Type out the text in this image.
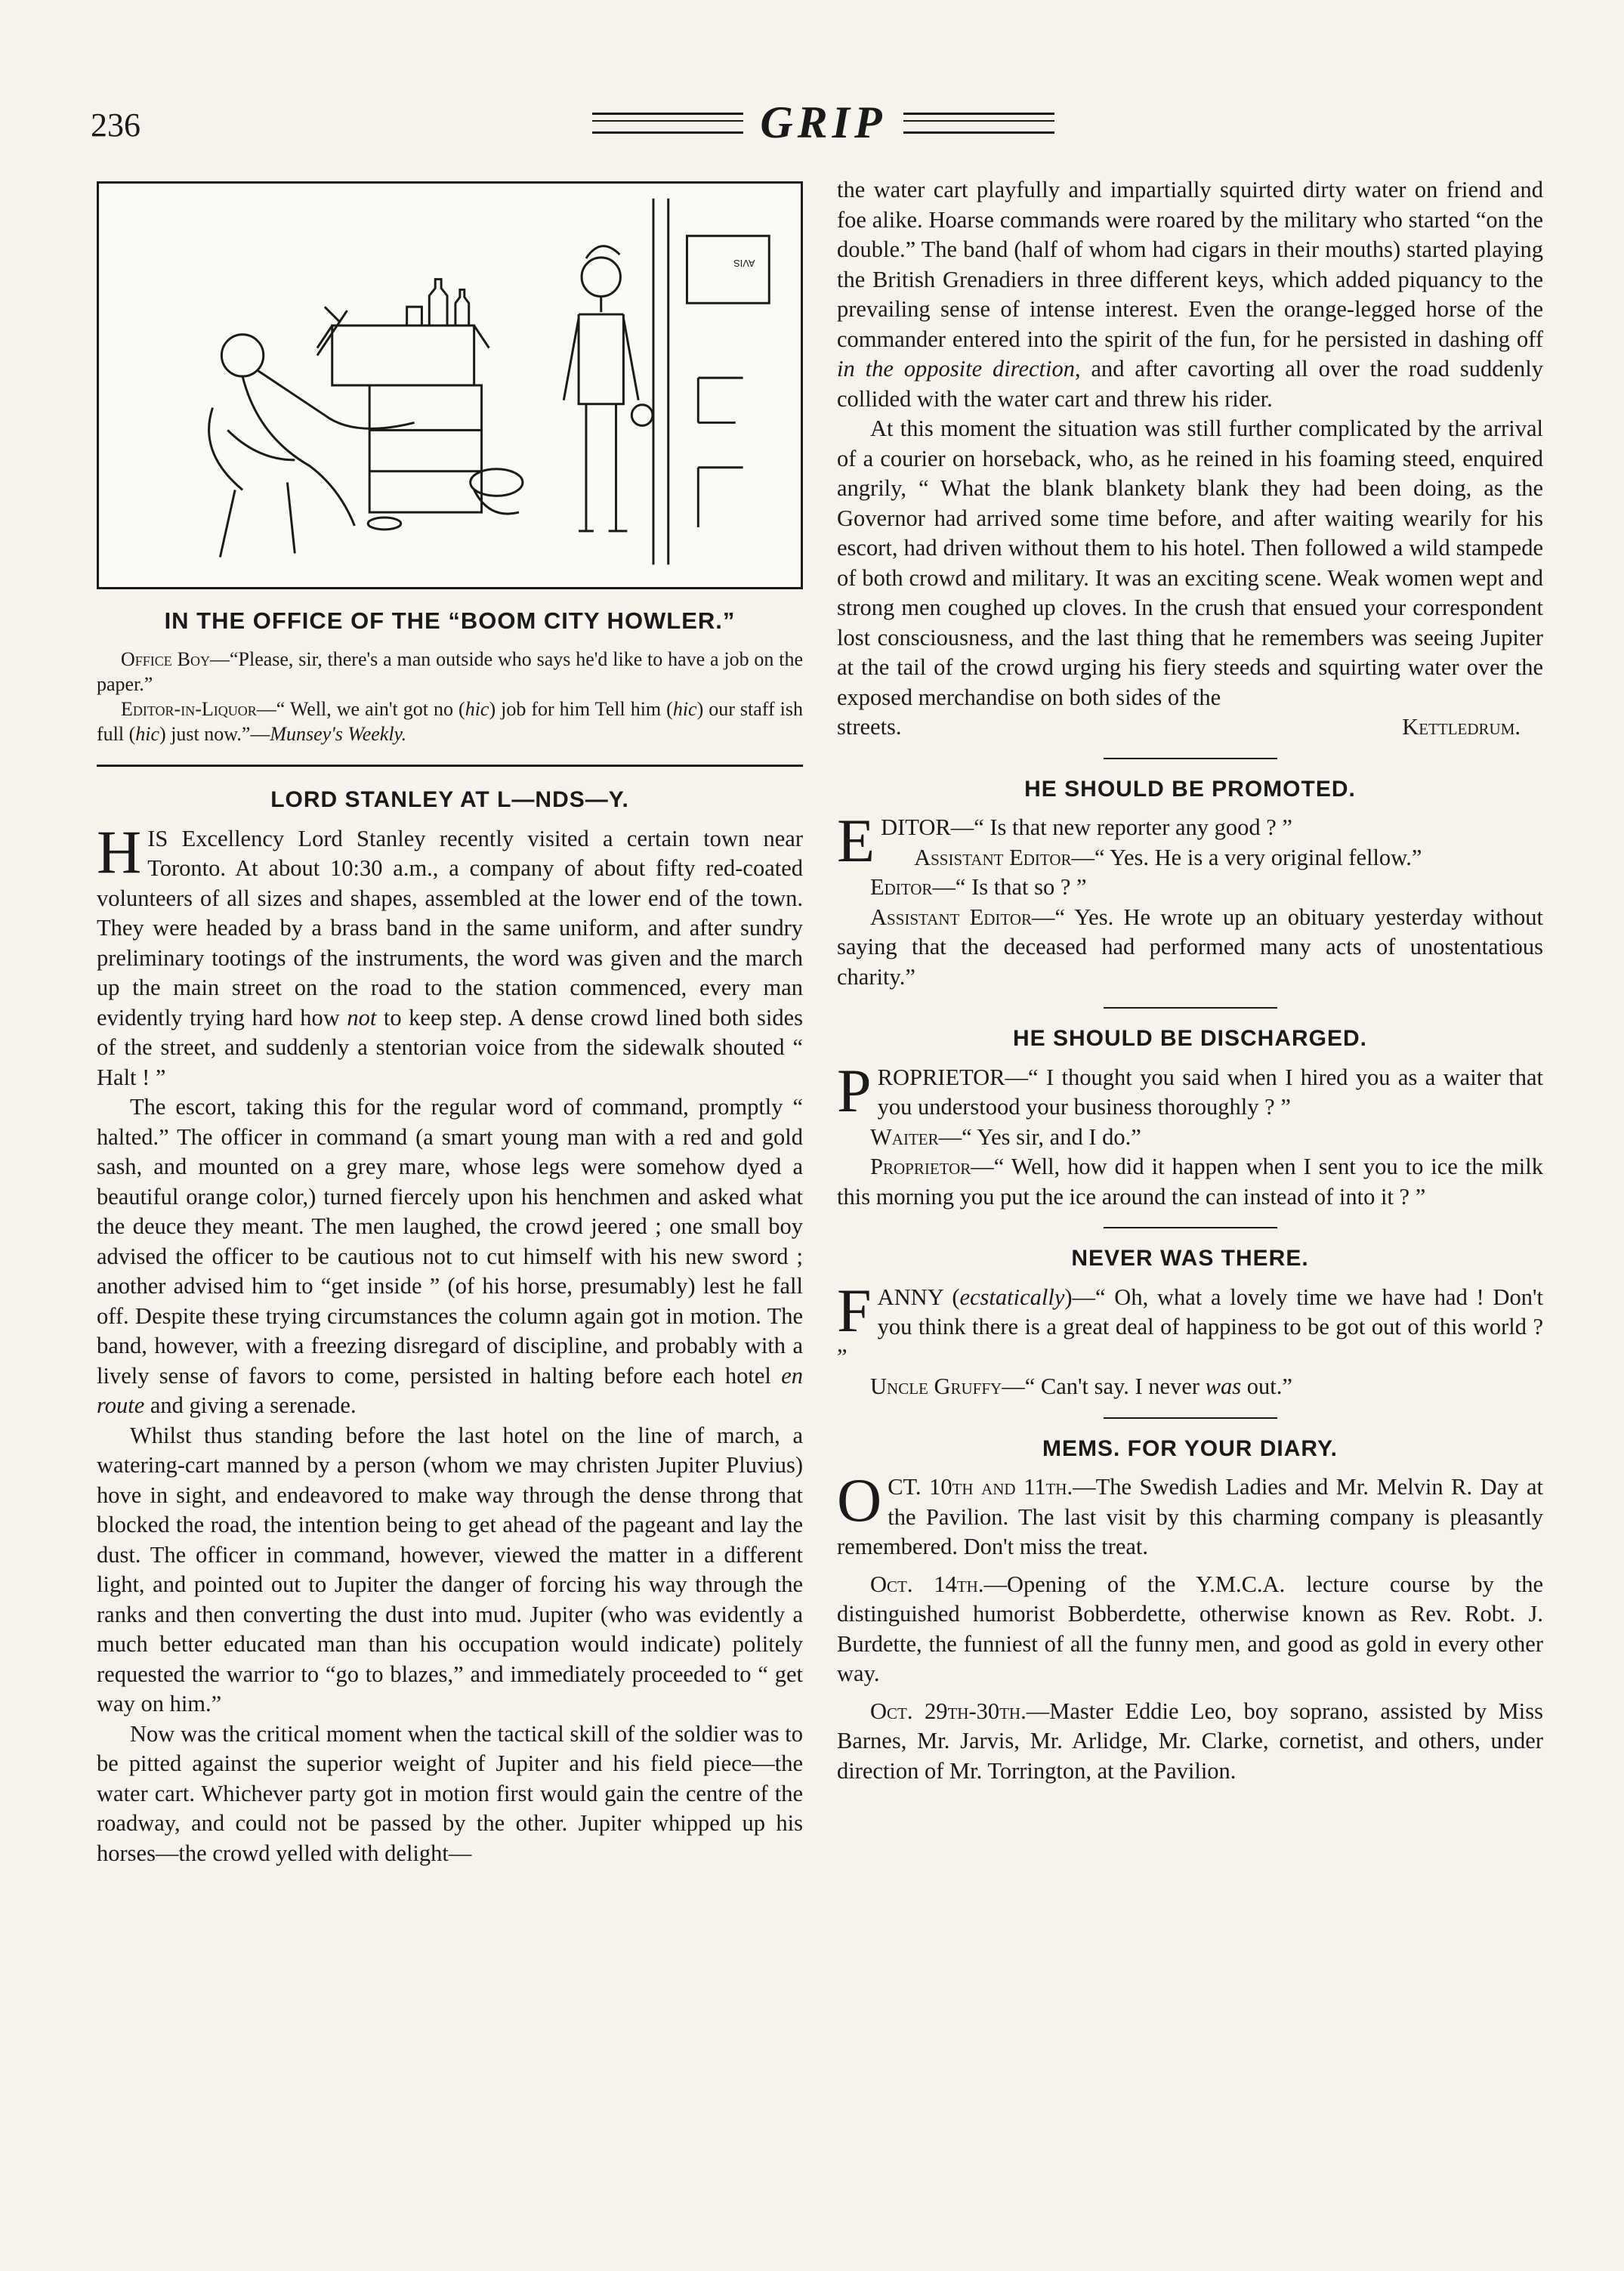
236	GRIP
AVIS
IN THE OFFICE OF THE “BOOM CITY HOWLER.”

Office Boy—“Please, sir, there's a man outside who says he'd like to have a job on the paper.”

Editor-in-Liquor—“ Well, we ain't got no (hic) job for him Tell him (hic) our staff ish full (hic) just now.”—Munsey's Weekly.

LORD STANLEY AT L—NDS—Y.

HIS Excellency Lord Stanley recently visited a certain town near Toronto. At about 10:30 a.m., a company of about fifty red-coated volunteers of all sizes and shapes, assembled at the lower end of the town. They were headed by a brass band in the same uniform, and after sundry preliminary tootings of the instruments, the word was given and the march up the main street on the road to the station commenced, every man evidently trying hard how not to keep step. A dense crowd lined both sides of the street, and suddenly a stentorian voice from the sidewalk shouted “ Halt ! ”

The escort, taking this for the regular word of command, promptly “ halted.” The officer in command (a smart young man with a red and gold sash, and mounted on a grey mare, whose legs were somehow dyed a beautiful orange color,) turned fiercely upon his henchmen and asked what the deuce they meant. The men laughed, the crowd jeered ; one small boy advised the officer to be cautious not to cut himself with his new sword ; another advised him to “get inside ” (of his horse, presumably) lest he fall off. Despite these trying circumstances the column again got in motion. The band, however, with a freezing disregard of discipline, and probably with a lively sense of favors to come, persisted in halting before each hotel en route and giving a serenade.

Whilst thus standing before the last hotel on the line of march, a watering-cart manned by a person (whom we may christen Jupiter Pluvius) hove in sight, and endeavored to make way through the dense throng that blocked the road, the intention being to get ahead of the pageant and lay the dust. The officer in command, however, viewed the matter in a different light, and pointed out to Jupiter the danger of forcing his way through the ranks and then converting the dust into mud. Jupiter (who was evidently a much better educated man than his occupation would indicate) politely requested the warrior to “go to blazes,” and immediately proceeded to “ get way on him.”

Now was the critical moment when the tactical skill of the soldier was to be pitted against the superior weight of Jupiter and his field piece—the water cart. Whichever party got in motion first would gain the centre of the roadway, and could not be passed by the other. Jupiter whipped up his horses—the crowd yelled with delight—

the water cart playfully and impartially squirted dirty water on friend and foe alike. Hoarse commands were roared by the military who started “on the double.” The band (half of whom had cigars in their mouths) started playing the British Grenadiers in three different keys, which added piquancy to the prevailing sense of intense interest. Even the orange-legged horse of the commander entered into the spirit of the fun, for he persisted in dashing off in the opposite direction, and after cavorting all over the road suddenly collided with the water cart and threw his rider.

At this moment the situation was still further complicated by the arrival of a courier on horseback, who, as he reined in his foaming steed, enquired angrily, “ What the blank blankety blank they had been doing, as the Governor had arrived some time before, and after waiting wearily for his escort, had driven without them to his hotel. Then followed a wild stampede of both crowd and military. It was an exciting scene. Weak women wept and strong men coughed up cloves. In the crush that ensued your correspondent lost consciousness, and the last thing that he remembers was seeing Jupiter at the tail of the crowd urging his fiery steeds and squirting water over the exposed merchandise on both sides of the

streets.	Kettledrum.
HE SHOULD BE PROMOTED.

EDITOR—“ Is that new reporter any good ? ”

Assistant Editor—“ Yes. He is a very original fellow.”

Editor—“ Is that so ? ”

Assistant Editor—“ Yes. He wrote up an obituary yesterday without saying that the deceased had performed many acts of unostentatious charity.”

HE SHOULD BE DISCHARGED.

PROPRIETOR—“ I thought you said when I hired you as a waiter that you understood your business thoroughly ? ”

Waiter—“ Yes sir, and I do.”

Proprietor—“ Well, how did it happen when I sent you to ice the milk this morning you put the ice around the can instead of into it ? ”

NEVER WAS THERE.

FANNY (ecstatically)—“ Oh, what a lovely time we have had ! Don't you think there is a great deal of happiness to be got out of this world ? ”

Uncle Gruffy—“ Can't say. I never was out.”

MEMS. FOR YOUR DIARY.

OCT. 10th and 11th.—The Swedish Ladies and Mr. Melvin R. Day at the Pavilion. The last visit by this charming company is pleasantly remembered. Don't miss the treat.

Oct. 14th.—Opening of the Y.M.C.A. lecture course by the distinguished humorist Bobberdette, otherwise known as Rev. Robt. J. Burdette, the funniest of all the funny men, and good as gold in every other way.

Oct. 29th-30th.—Master Eddie Leo, boy soprano, assisted by Miss Barnes, Mr. Jarvis, Mr. Arlidge, Mr. Clarke, cornetist, and others, under direction of Mr. Torrington, at the Pavilion.
